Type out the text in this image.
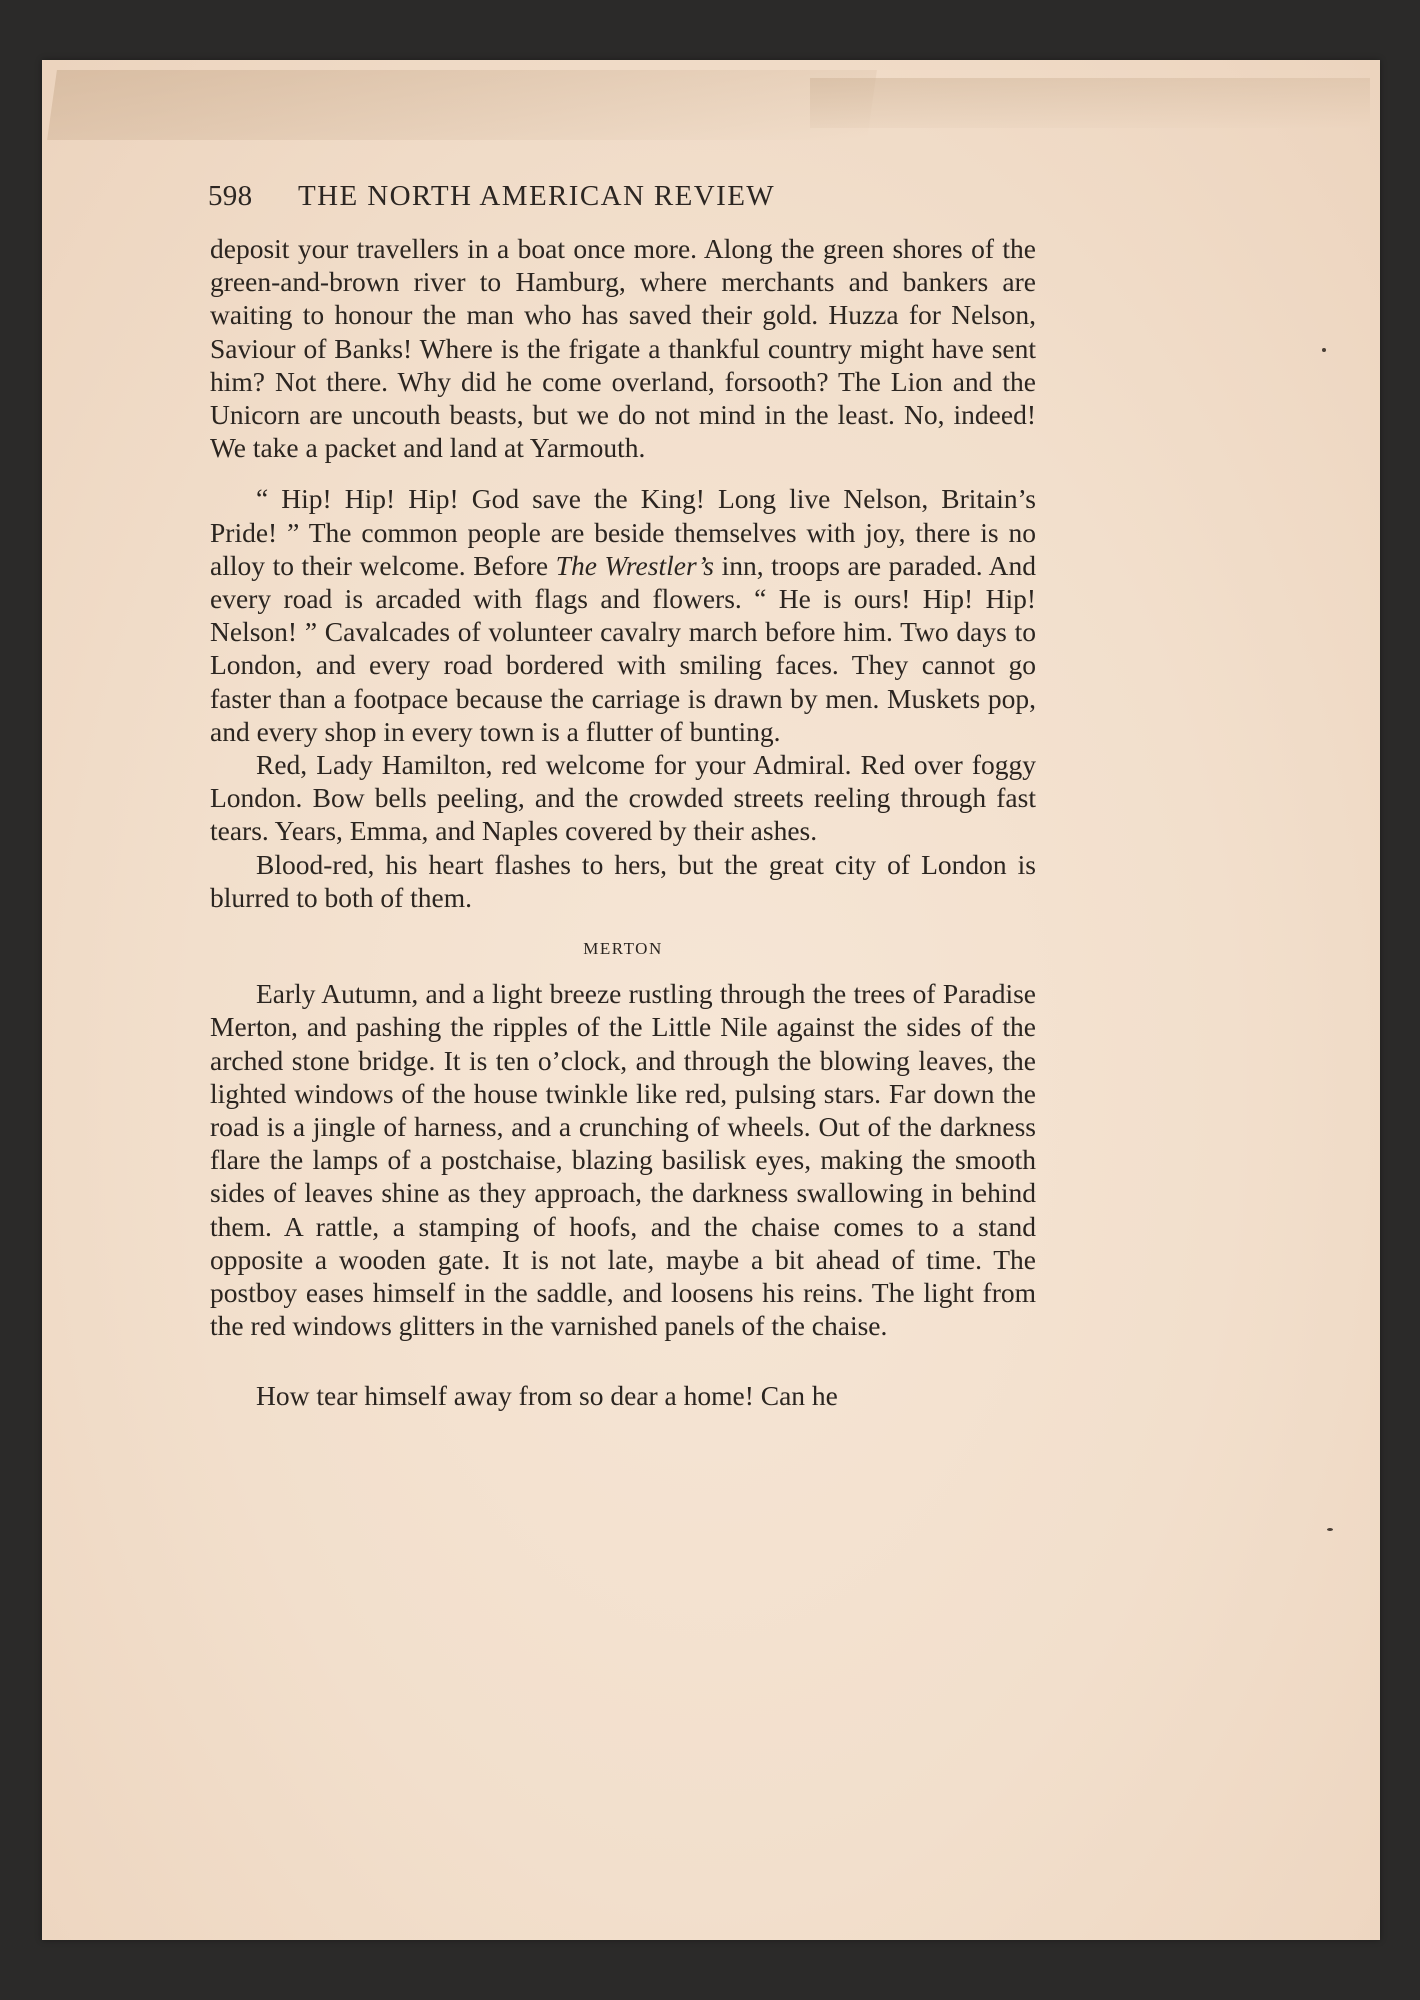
598 THE NORTH AMERICAN REVIEW

deposit your travellers in a boat once more. Along the green shores of the green-and-brown river to Hamburg, where merchants and bankers are waiting to honour the man who has saved their gold. Huzza for Nelson, Saviour of Banks! Where is the frigate a thankful country might have sent him? Not there. Why did he come overland, forsooth? The Lion and the Unicorn are uncouth beasts, but we do not mind in the least. No, indeed! We take a packet and land at Yarmouth.

“ Hip! Hip! Hip! God save the King! Long live Nelson, Britain’s Pride! ” The common people are beside themselves with joy, there is no alloy to their welcome. Before The Wrestler’s inn, troops are paraded. And every road is arcaded with flags and flowers. “ He is ours! Hip! Hip! Nelson! ” Cavalcades of volunteer cavalry march before him. Two days to London, and every road bordered with smiling faces. They cannot go faster than a footpace because the carriage is drawn by men. Muskets pop, and every shop in every town is a flutter of bunting.

Red, Lady Hamilton, red welcome for your Admiral. Red over foggy London. Bow bells peeling, and the crowded streets reeling through fast tears. Years, Emma, and Naples covered by their ashes.

Blood-red, his heart flashes to hers, but the great city of London is blurred to both of them.

MERTON

Early Autumn, and a light breeze rustling through the trees of Paradise Merton, and pashing the ripples of the Little Nile against the sides of the arched stone bridge. It is ten o’clock, and through the blowing leaves, the lighted windows of the house twinkle like red, pulsing stars. Far down the road is a jingle of harness, and a crunching of wheels. Out of the darkness flare the lamps of a postchaise, blazing basilisk eyes, making the smooth sides of leaves shine as they approach, the darkness swallowing in behind them. A rattle, a stamping of hoofs, and the chaise comes to a stand opposite a wooden gate. It is not late, maybe a bit ahead of time. The postboy eases himself in the saddle, and loosens his reins. The light from the red windows glitters in the varnished panels of the chaise.

How tear himself away from so dear a home! Can he
